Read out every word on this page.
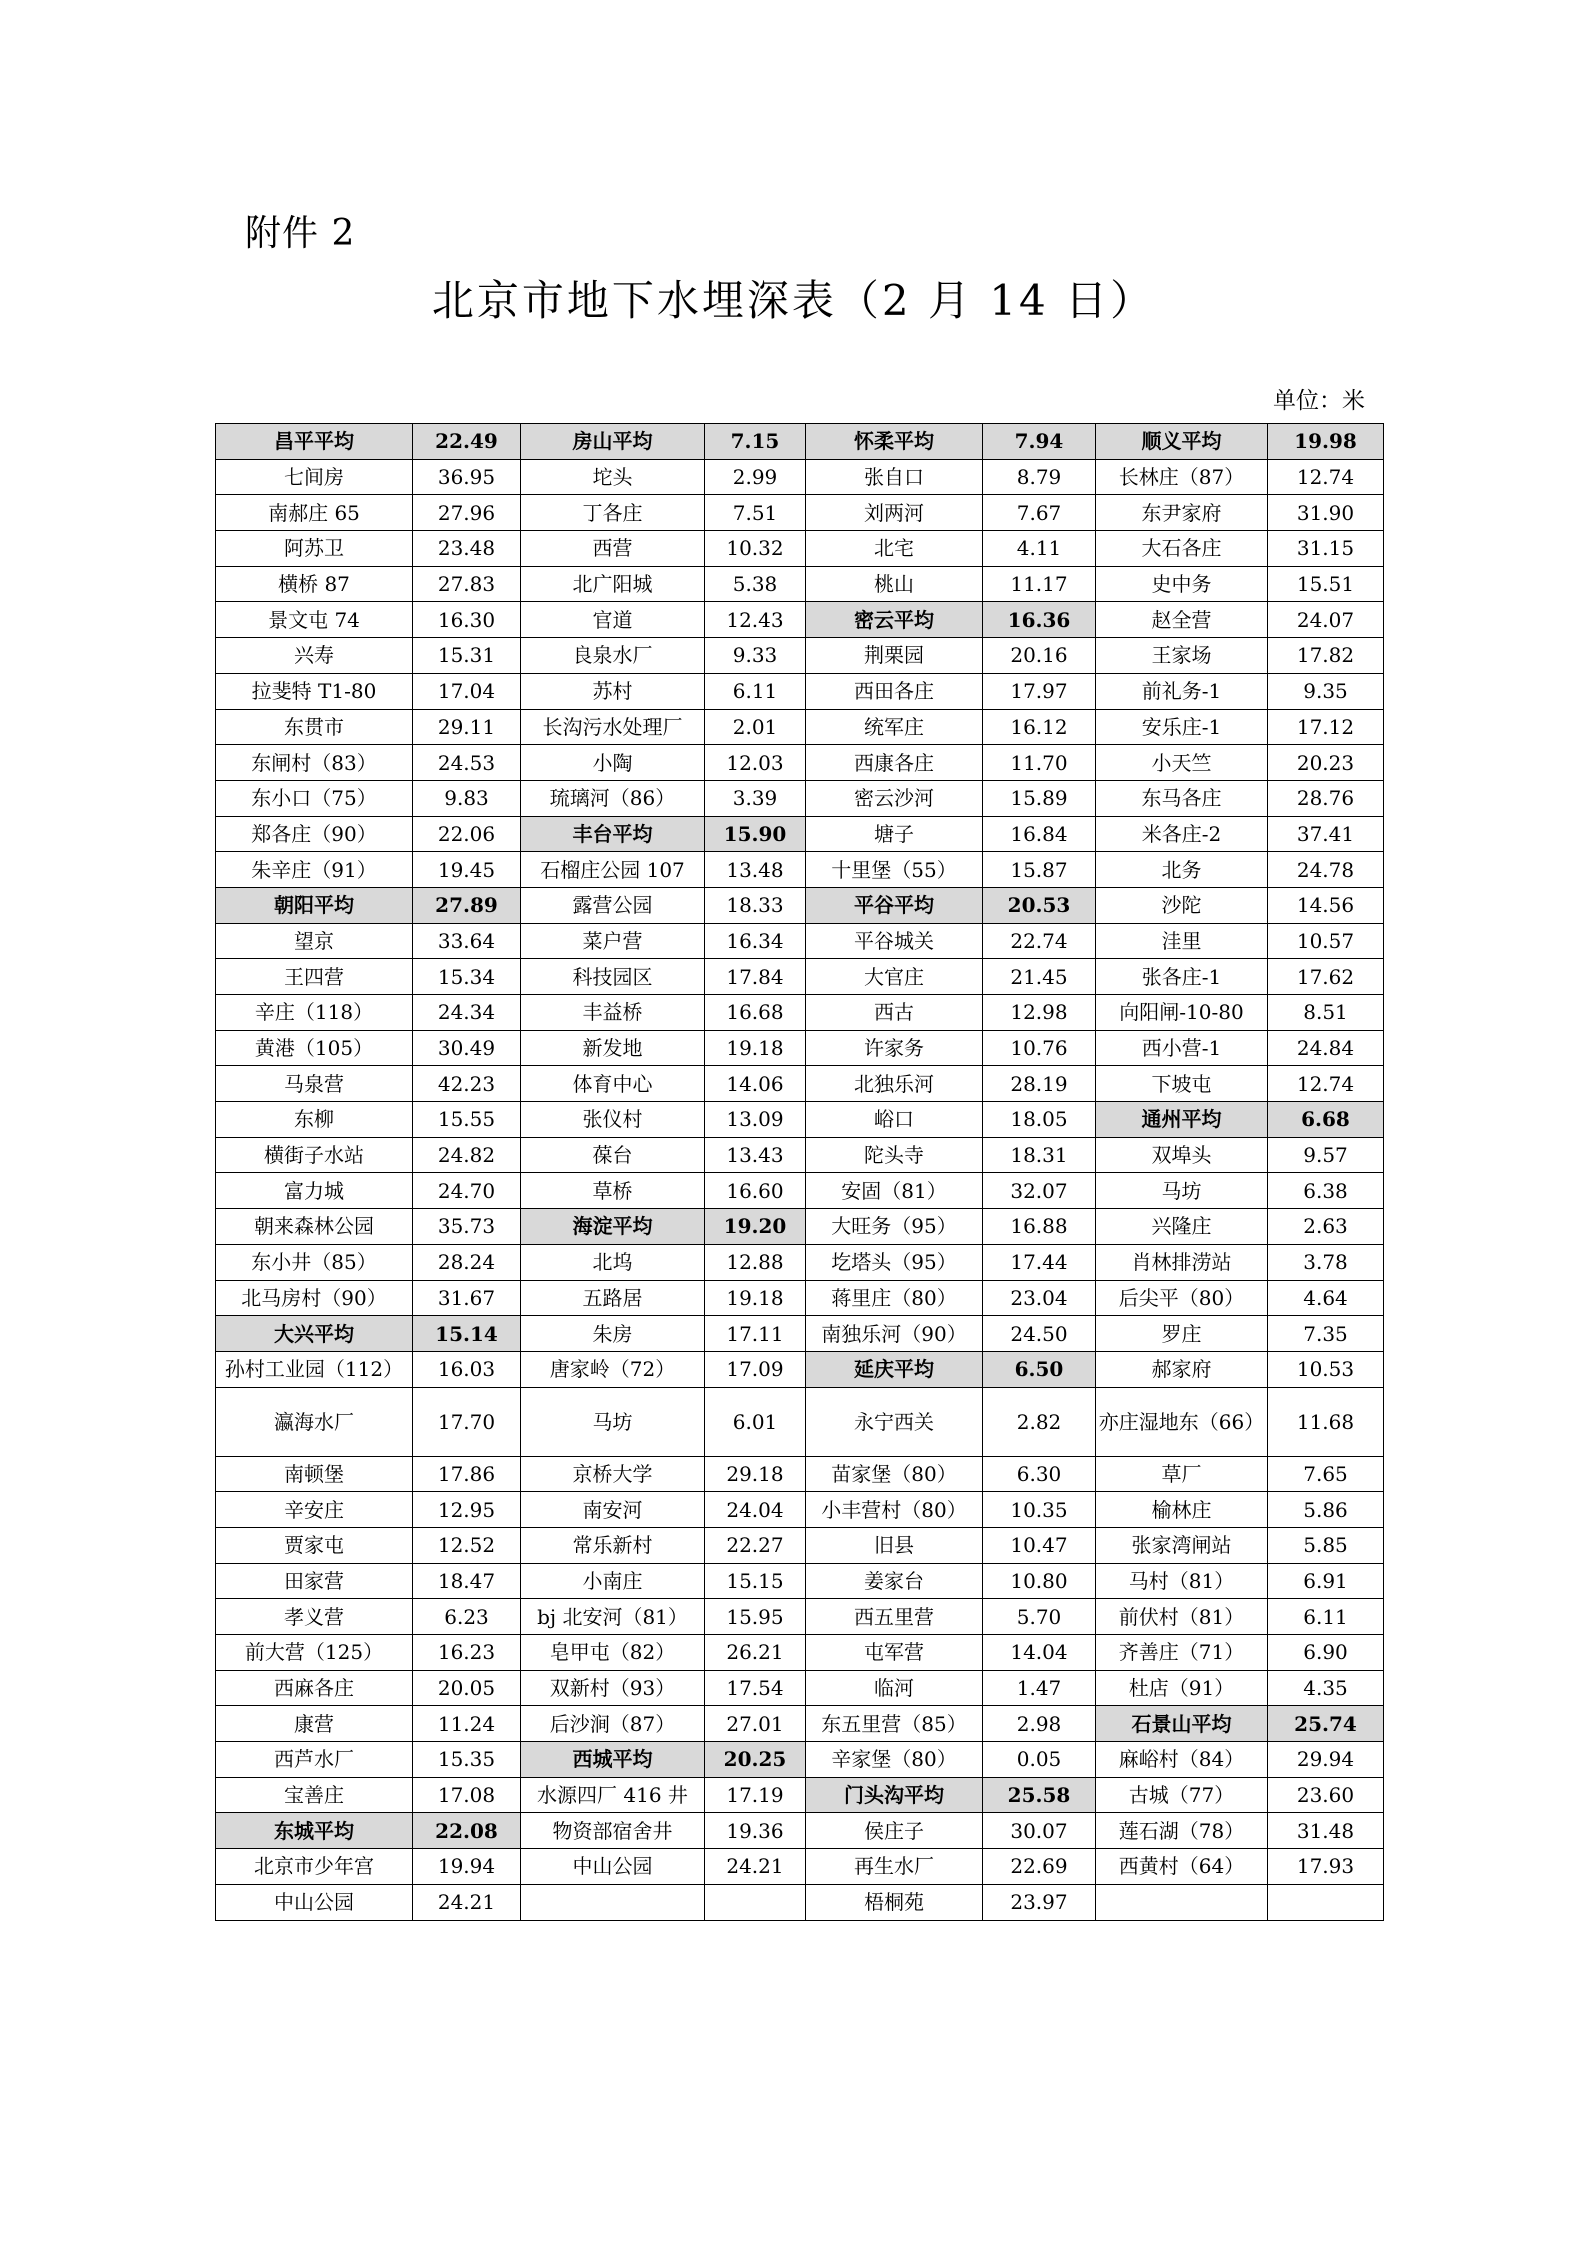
附件 2
北京市地下水埋深表（2 月 14 日）
单位：米
昌平平均	22.49	房山平均	7.15	怀柔平均	7.94	顺义平均	19.98
七间房	36.95	坨头	2.99	张自口	8.79	长林庄（87）	12.74
南郝庄 65	27.96	丁各庄	7.51	刘两河	7.67	东尹家府	31.90
阿苏卫	23.48	西营	10.32	北宅	4.11	大石各庄	31.15
横桥 87	27.83	北广阳城	5.38	桃山	11.17	史中务	15.51
景文屯 74	16.30	官道	12.43	密云平均	16.36	赵全营	24.07
兴寿	15.31	良泉水厂	9.33	荆栗园	20.16	王家场	17.82
拉斐特 T1-80	17.04	苏村	6.11	西田各庄	17.97	前礼务-1	9.35
东贯市	29.11	长沟污水处理厂	2.01	统军庄	16.12	安乐庄-1	17.12
东闸村（83）	24.53	小陶	12.03	西康各庄	11.70	小天竺	20.23
东小口（75）	9.83	琉璃河（86）	3.39	密云沙河	15.89	东马各庄	28.76
郑各庄（90）	22.06	丰台平均	15.90	塘子	16.84	米各庄-2	37.41
朱辛庄（91）	19.45	石榴庄公园 107	13.48	十里堡（55）	15.87	北务	24.78
朝阳平均	27.89	露营公园	18.33	平谷平均	20.53	沙陀	14.56
望京	33.64	菜户营	16.34	平谷城关	22.74	洼里	10.57
王四营	15.34	科技园区	17.84	大官庄	21.45	张各庄-1	17.62
辛庄（118）	24.34	丰益桥	16.68	西古	12.98	向阳闸-10-80	8.51
黄港（105）	30.49	新发地	19.18	许家务	10.76	西小营-1	24.84
马泉营	42.23	体育中心	14.06	北独乐河	28.19	下坡屯	12.74
东柳	15.55	张仪村	13.09	峪口	18.05	通州平均	6.68
横街子水站	24.82	葆台	13.43	陀头寺	18.31	双埠头	9.57
富力城	24.70	草桥	16.60	安固（81）	32.07	马坊	6.38
朝来森林公园	35.73	海淀平均	19.20	大旺务（95）	16.88	兴隆庄	2.63
东小井（85）	28.24	北坞	12.88	圪塔头（95）	17.44	肖林排涝站	3.78
北马房村（90）	31.67	五路居	19.18	蒋里庄（80）	23.04	后尖平（80）	4.64
大兴平均	15.14	朱房	17.11	南独乐河（90）	24.50	罗庄	7.35
孙村工业园（112）	16.03	唐家岭（72）	17.09	延庆平均	6.50	郝家府	10.53
瀛海水厂	17.70	马坊	6.01	永宁西关	2.82	亦庄湿地东（66）	11.68
南顿堡	17.86	京桥大学	29.18	苗家堡（80）	6.30	草厂	7.65
辛安庄	12.95	南安河	24.04	小丰营村（80）	10.35	榆林庄	5.86
贾家屯	12.52	常乐新村	22.27	旧县	10.47	张家湾闸站	5.85
田家营	18.47	小南庄	15.15	姜家台	10.80	马村（81）	6.91
孝义营	6.23	bj 北安河（81）	15.95	西五里营	5.70	前伏村（81）	6.11
前大营（125）	16.23	皂甲屯（82）	26.21	屯军营	14.04	齐善庄（71）	6.90
西麻各庄	20.05	双新村（93）	17.54	临河	1.47	杜店（91）	4.35
康营	11.24	后沙涧（87）	27.01	东五里营（85）	2.98	石景山平均	25.74
西芦水厂	15.35	西城平均	20.25	辛家堡（80）	0.05	麻峪村（84）	29.94
宝善庄	17.08	水源四厂 416 井	17.19	门头沟平均	25.58	古城（77）	23.60
东城平均	22.08	物资部宿舍井	19.36	侯庄子	30.07	莲石湖（78）	31.48
北京市少年宫	19.94	中山公园	24.21	再生水厂	22.69	西黄村（64）	17.93
中山公园	24.21			梧桐苑	23.97		
